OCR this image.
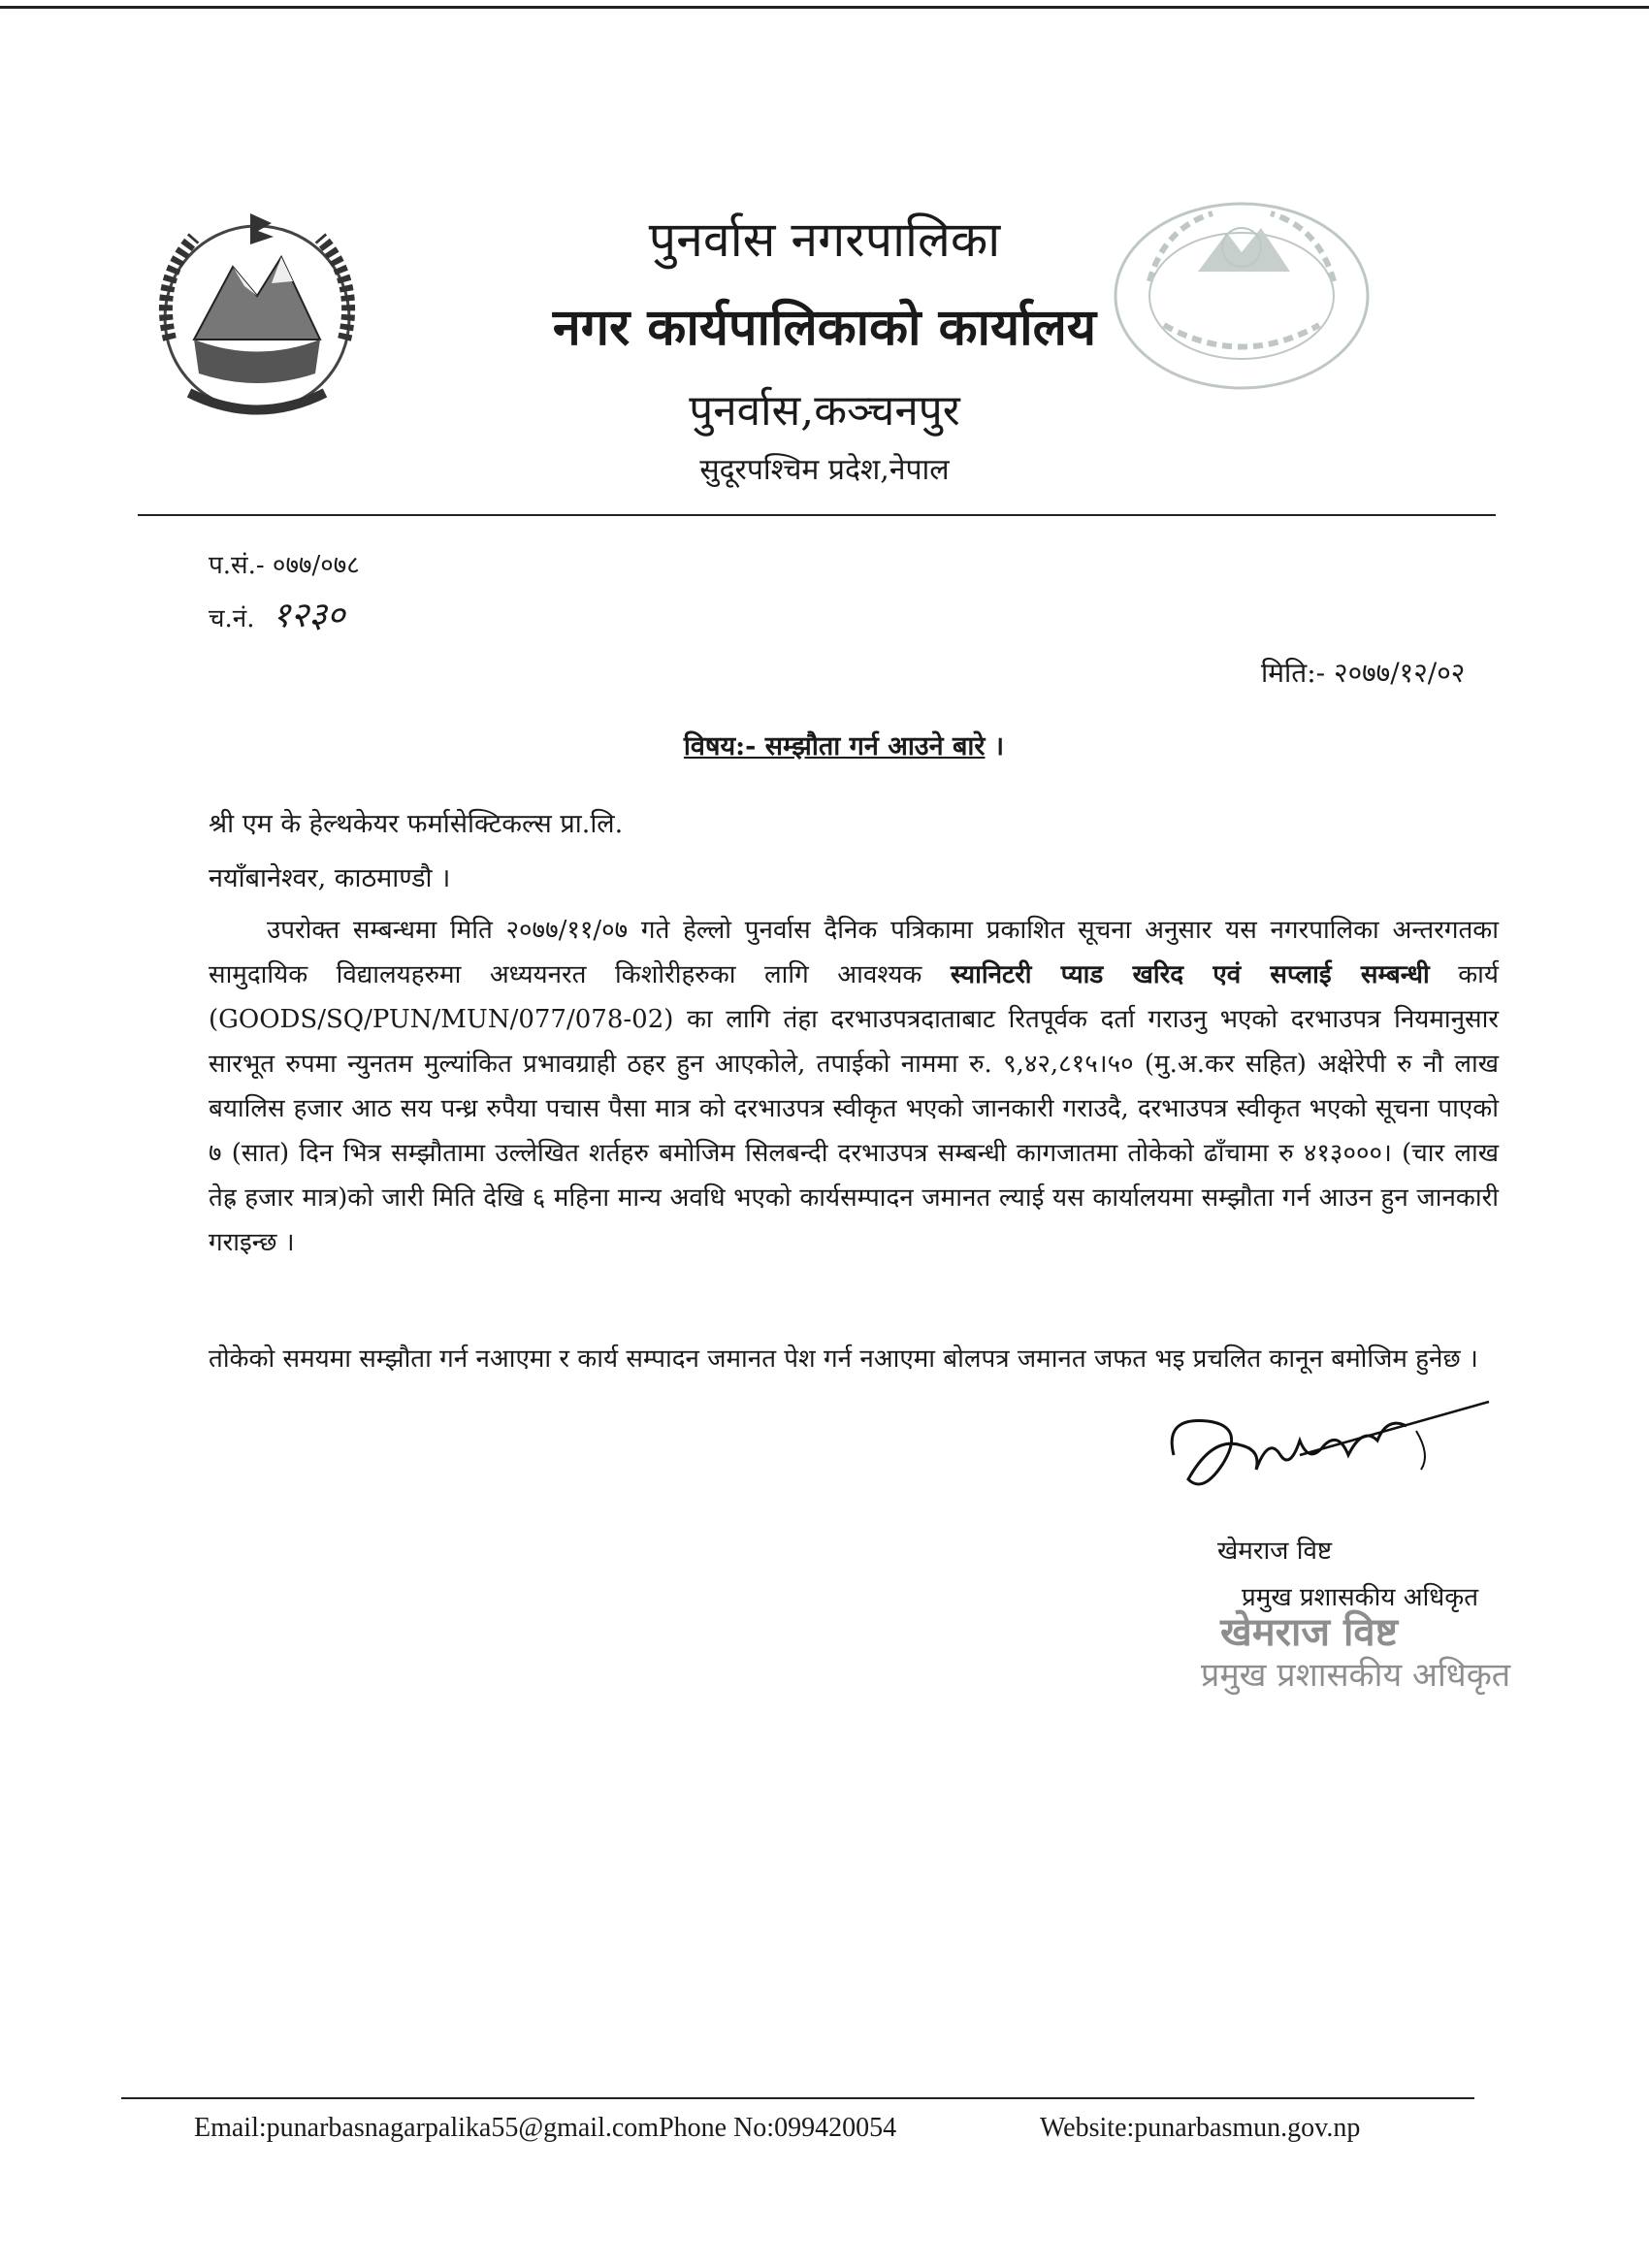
पुनर्वास नगरपालिका
नगर कार्यपालिकाको कार्यालय
पुनर्वास,कञ्चनपुर
सुदूरपश्चिम प्रदेश,नेपाल
प.सं.- ०७७/०७८
च.नं. १२३०
मिति:- २०७७/१२/०२
विषय:- सम्झौता गर्न आउने बारे ।
श्री एम के हेल्थकेयर फर्मासेक्टिकल्स प्रा.लि.
नयाँबानेश्वर, काठमाण्डौ ।
उपरोक्त सम्बन्धमा मिति २०७७/११/०७ गते हेल्लो पुनर्वास दैनिक पत्रिकामा प्रकाशित सूचना अनुसार यस नगरपालिका अन्तरगतका सामुदायिक विद्यालयहरुमा अध्ययनरत किशोरीहरुका लागि आवश्यक स्यानिटरी प्याड खरिद एवं सप्लाई सम्बन्धी कार्य (GOODS/SQ/PUN/MUN/077/078-02) का लागि तंहा दरभाउपत्रदाताबाट रितपूर्वक दर्ता गराउनु भएको दरभाउपत्र नियमानुसार सारभूत रुपमा न्युनतम मुल्यांकित प्रभावग्राही ठहर हुन आएकोले, तपाईको नाममा रु. ९,४२,८१५।५० (मु.अ.कर सहित) अक्षेरेपी रु नौ लाख बयालिस हजार आठ सय पन्ध्र रुपैया पचास पैसा मात्र को दरभाउपत्र स्वीकृत भएको जानकारी गराउदै, दरभाउपत्र स्वीकृत भएको सूचना पाएको ७ (सात) दिन भित्र सम्झौतामा उल्लेखित शर्तहरु बमोजिम सिलबन्दी दरभाउपत्र सम्बन्धी कागजातमा तोकेको ढाँचामा रु ४१३०००। (चार लाख तेह्र हजार मात्र)को जारी मिति देखि ६ महिना मान्य अवधि भएको कार्यसम्पादन जमानत ल्याई यस कार्यालयमा सम्झौता गर्न आउन हुन जानकारी गराइन्छ ।
तोकेको समयमा सम्झौता गर्न नआएमा र कार्य सम्पादन जमानत पेश गर्न नआएमा बोलपत्र जमानत जफत भइ प्रचलित कानून बमोजिम हुनेछ ।
खेमराज विष्ट
प्रमुख प्रशासकीय अधिकृत
खेमराज विष्ट
प्रमुख प्रशासकीय अधिकृत
Email:punarbasnagarpalika55@gmail.comPhone No:099420054	Website:punarbasmun.gov.np
